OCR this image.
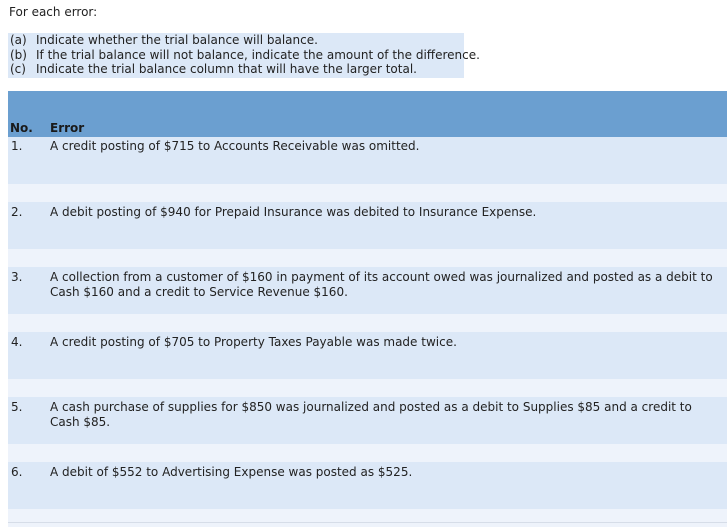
For each error:
(a) Indicate whether the trial balance will balance.
(b) If the trial balance will not balance, indicate the amount of the difference.
(c) Indicate the trial balance column that will have the larger total.
No. Error
1. A credit posting of $715 to Accounts Receivable was omitted.
2. A debit posting of $940 for Prepaid Insurance was debited to Insurance Expense.
3. A collection from a customer of $160 in payment of its account owed was journalized and posted as a debit to Cash $160 and a credit to Service Revenue $160.
4. A credit posting of $705 to Property Taxes Payable was made twice.
5. A cash purchase of supplies for $850 was journalized and posted as a debit to Supplies $85 and a credit to Cash $85.
6. A debit of $552 to Advertising Expense was posted as $525.
